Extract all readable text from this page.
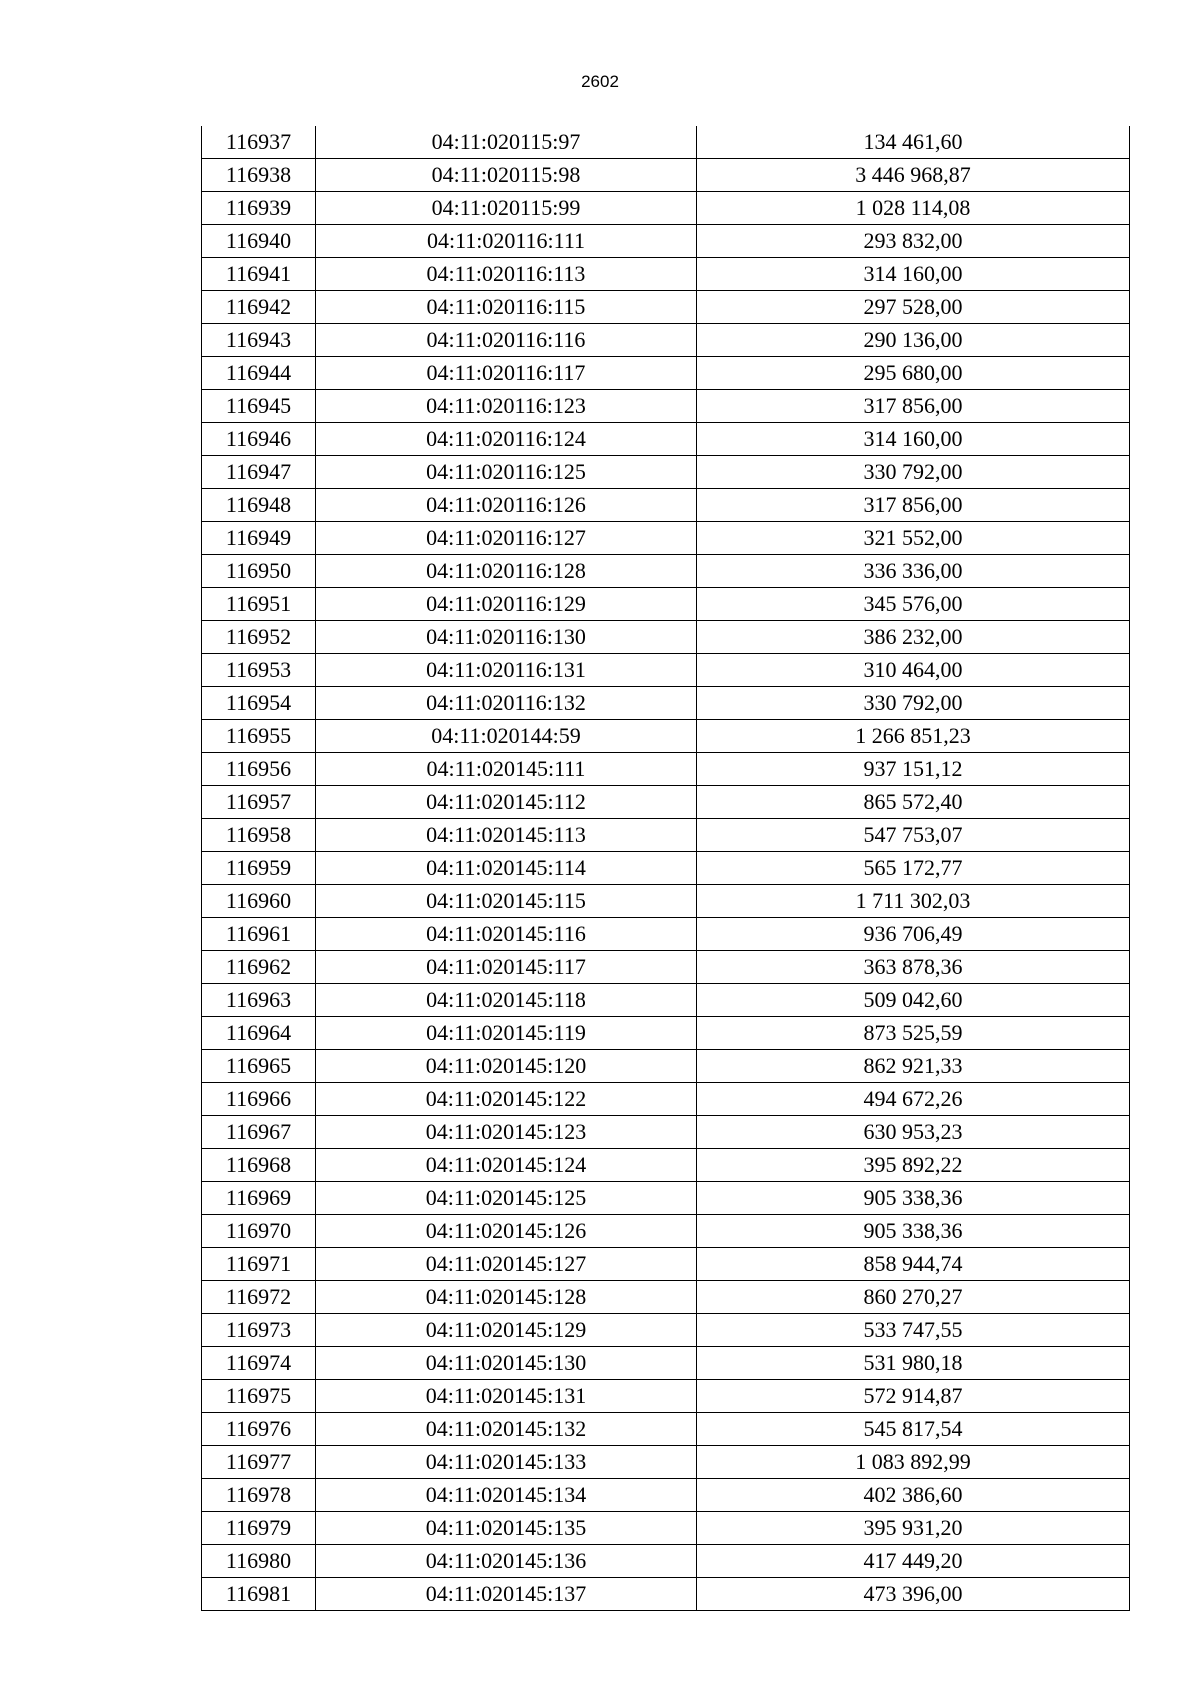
2602
116937	04:11:020115:97	134 461,60
116938	04:11:020115:98	3 446 968,87
116939	04:11:020115:99	1 028 114,08
116940	04:11:020116:111	293 832,00
116941	04:11:020116:113	314 160,00
116942	04:11:020116:115	297 528,00
116943	04:11:020116:116	290 136,00
116944	04:11:020116:117	295 680,00
116945	04:11:020116:123	317 856,00
116946	04:11:020116:124	314 160,00
116947	04:11:020116:125	330 792,00
116948	04:11:020116:126	317 856,00
116949	04:11:020116:127	321 552,00
116950	04:11:020116:128	336 336,00
116951	04:11:020116:129	345 576,00
116952	04:11:020116:130	386 232,00
116953	04:11:020116:131	310 464,00
116954	04:11:020116:132	330 792,00
116955	04:11:020144:59	1 266 851,23
116956	04:11:020145:111	937 151,12
116957	04:11:020145:112	865 572,40
116958	04:11:020145:113	547 753,07
116959	04:11:020145:114	565 172,77
116960	04:11:020145:115	1 711 302,03
116961	04:11:020145:116	936 706,49
116962	04:11:020145:117	363 878,36
116963	04:11:020145:118	509 042,60
116964	04:11:020145:119	873 525,59
116965	04:11:020145:120	862 921,33
116966	04:11:020145:122	494 672,26
116967	04:11:020145:123	630 953,23
116968	04:11:020145:124	395 892,22
116969	04:11:020145:125	905 338,36
116970	04:11:020145:126	905 338,36
116971	04:11:020145:127	858 944,74
116972	04:11:020145:128	860 270,27
116973	04:11:020145:129	533 747,55
116974	04:11:020145:130	531 980,18
116975	04:11:020145:131	572 914,87
116976	04:11:020145:132	545 817,54
116977	04:11:020145:133	1 083 892,99
116978	04:11:020145:134	402 386,60
116979	04:11:020145:135	395 931,20
116980	04:11:020145:136	417 449,20
116981	04:11:020145:137	473 396,00
